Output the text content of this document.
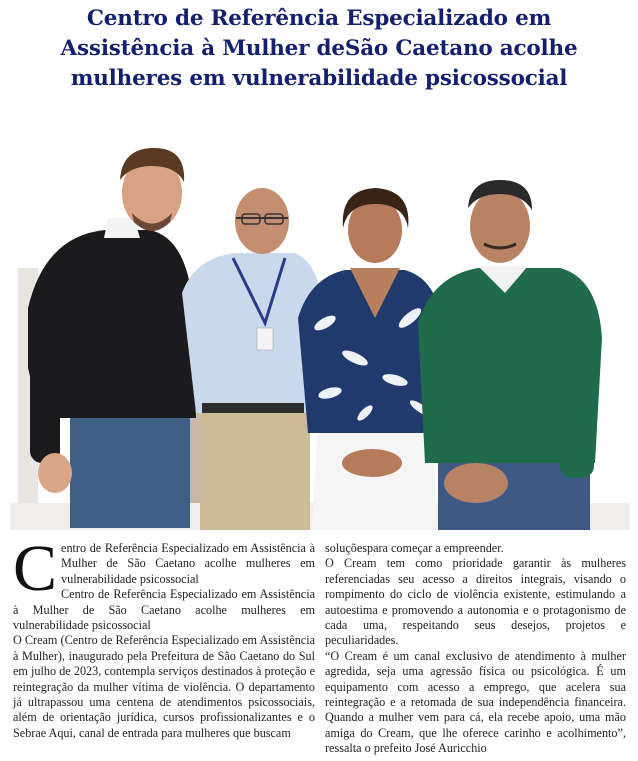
Centro de Referência Especializado em
Assistência à Mulher deSão Caetano acolhe
mulheres em vulnerabilidade psicossocial
C entro de Referência Especializado em Assistência à Mulher de São Caetano acolhe mulheres em vulnerabilidade psicossocial

Centro de Referência Especializado em Assistência à Mulher de São Caetano acolhe mulheres em vulnerabilidade psicossocial

O Cream (Centro de Referência Especializado em Assistência à Mulher), inaugurado pela Prefeitura de São Caetano do Sul em julho de 2023, contempla serviços destinados à proteção e reintegração da mulher vítima de violência. O departamento já ultrapassou uma centena de atendimentos psicossociais, além de orientação jurídica, cursos profissionalizantes e o Sebrae Aqui, canal de entrada para mulheres que buscam

soluçõespara começar a empreender.

O Cream tem como prioridade garantir às mulheres referenciadas seu acesso a direitos integrais, visando o rompimento do ciclo de violência existente, estimulando a autoestima e promovendo a autonomia e o protagonismo de cada uma, respeitando seus desejos, projetos e peculiaridades.

“O Cream é um canal exclusivo de atendimento à mulher agredida, seja uma agressão física ou psicológica. É um equipamento com acesso a emprego, que acelera sua reintegração e a retomada de sua independência financeira. Quando a mulher vem para cá, ela recebe apoio, uma mão amiga do Cream, que lhe oferece carinho e acolhimento”, ressalta o prefeito José Auricchio
